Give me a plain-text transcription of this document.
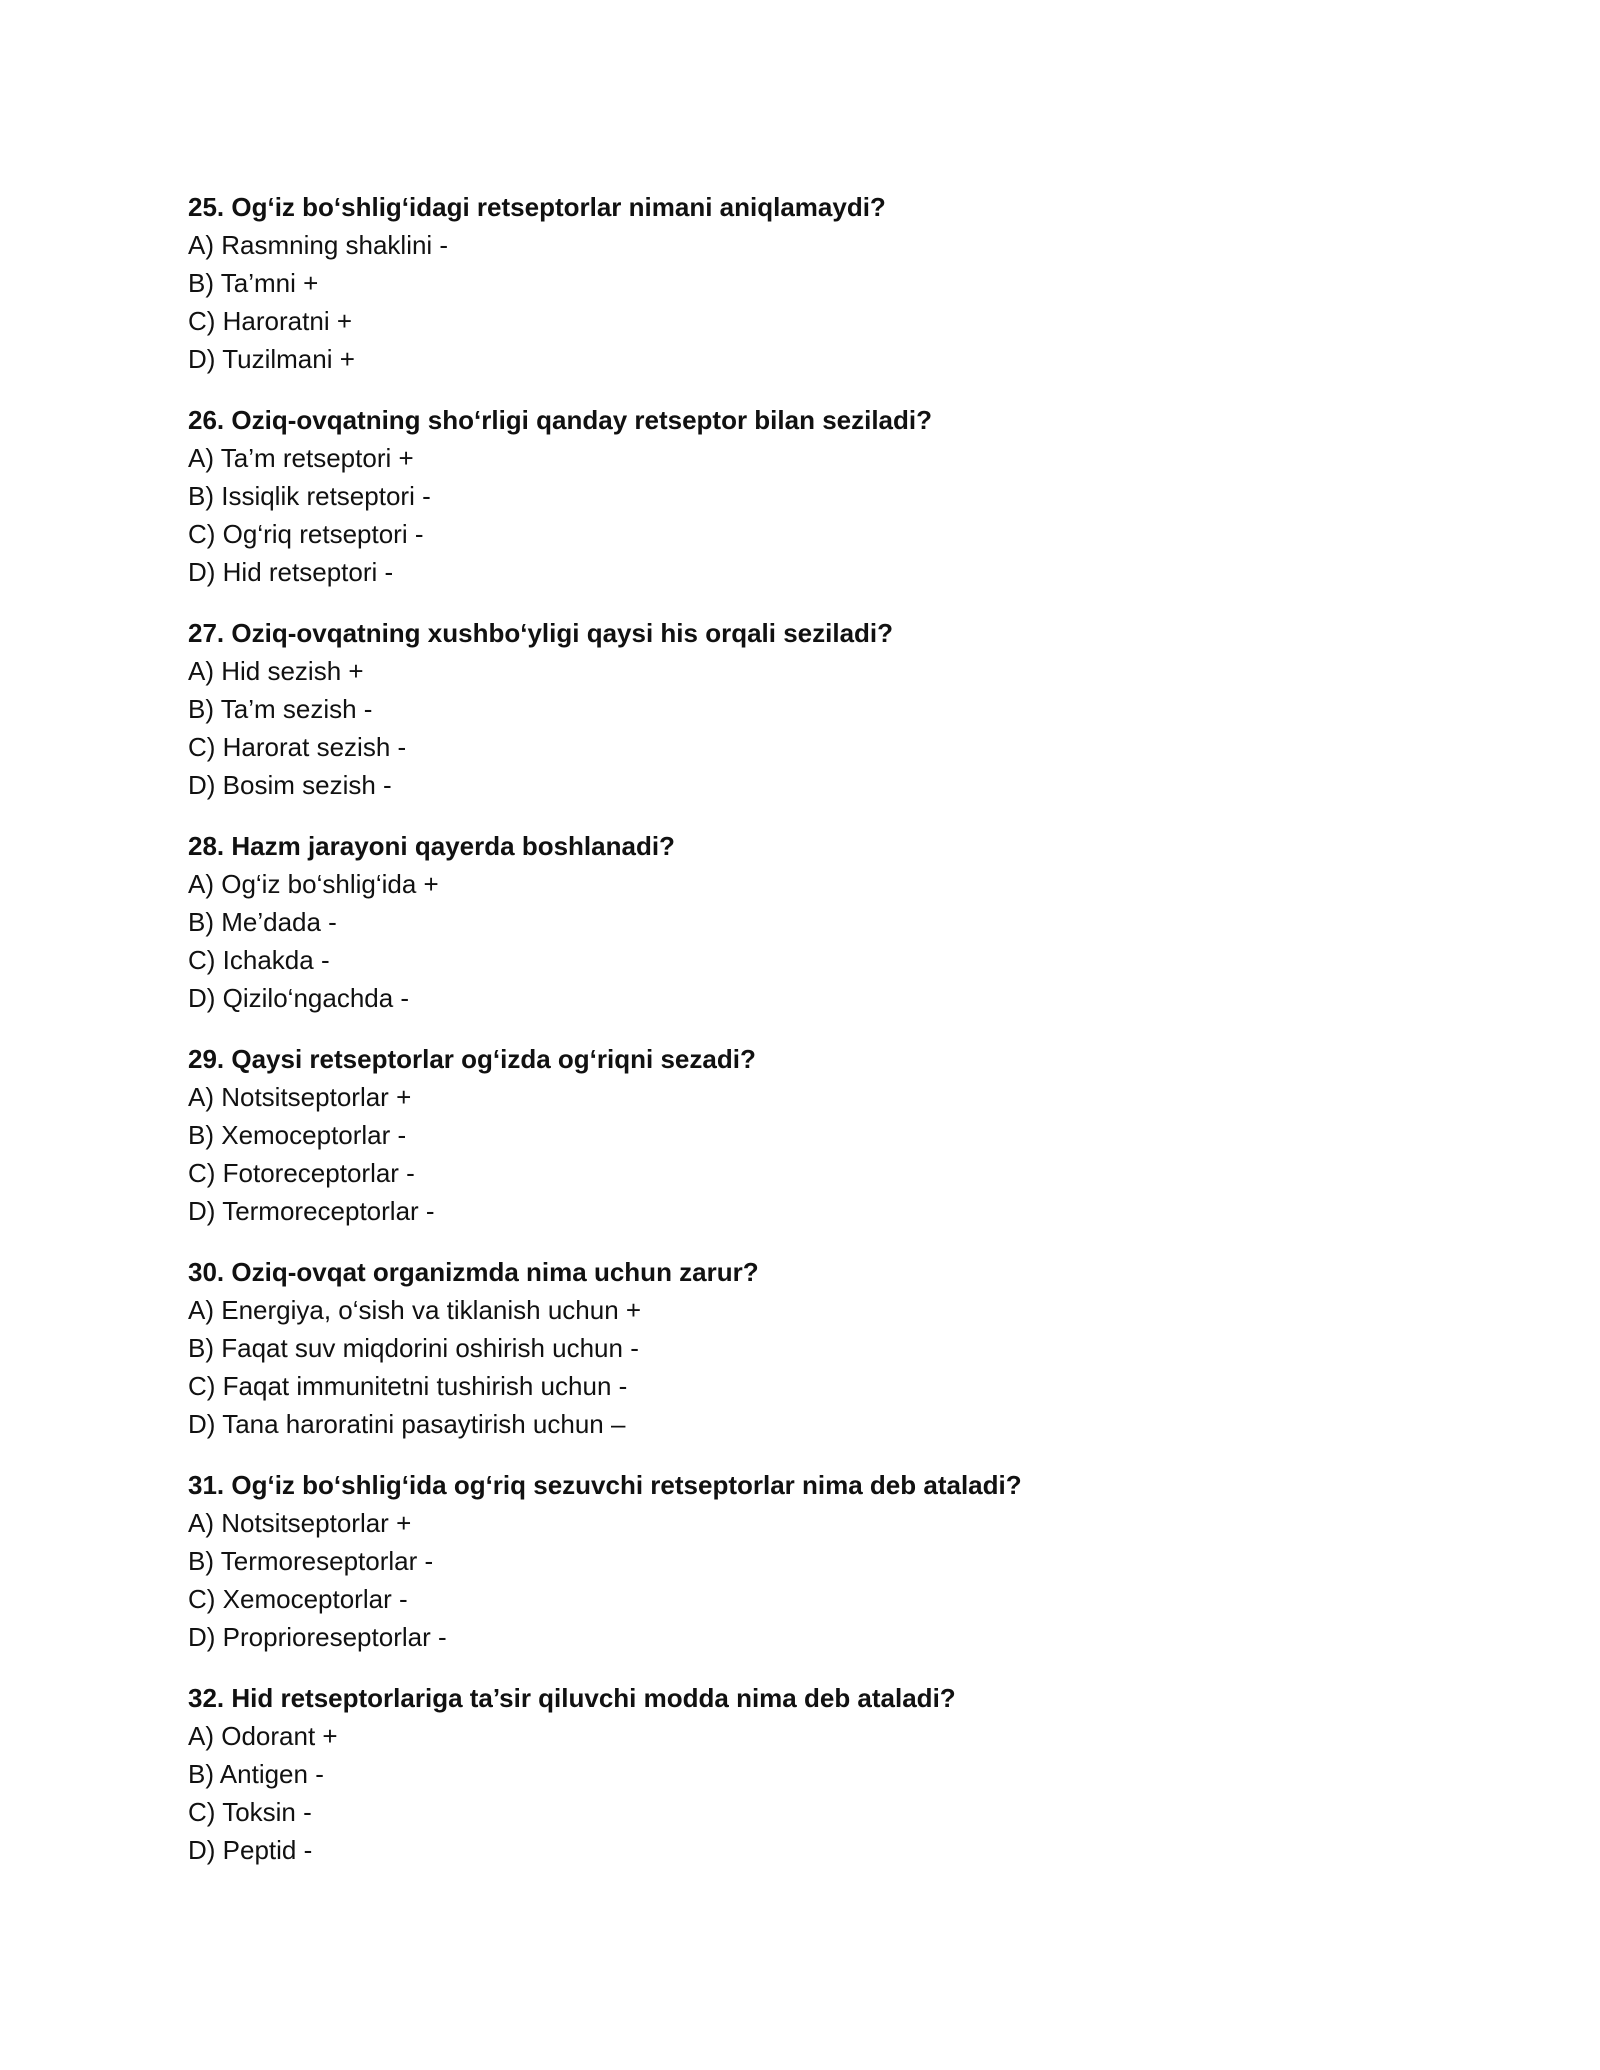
25. Og‘iz bo‘shlig‘idagi retseptorlar nimani aniqlamaydi?
A) Rasmning shaklini -
B) Ta’mni +
C) Haroratni +
D) Tuzilmani +
26. Oziq-ovqatning sho‘rligi qanday retseptor bilan seziladi?
A) Ta’m retseptori +
B) Issiqlik retseptori -
C) Og‘riq retseptori -
D) Hid retseptori -
27. Oziq-ovqatning xushbo‘yligi qaysi his orqali seziladi?
A) Hid sezish +
B) Ta’m sezish -
C) Harorat sezish -
D) Bosim sezish -
28. Hazm jarayoni qayerda boshlanadi?
A) Og‘iz bo‘shlig‘ida +
B) Me’dada -
C) Ichakda -
D) Qizilo‘ngachda -
29. Qaysi retseptorlar og‘izda og‘riqni sezadi?
A) Notsitseptorlar +
B) Xemoceptorlar -
C) Fotoreceptorlar -
D) Termoreceptorlar -
30. Oziq-ovqat organizmda nima uchun zarur?
A) Energiya, o‘sish va tiklanish uchun +
B) Faqat suv miqdorini oshirish uchun -
C) Faqat immunitetni tushirish uchun -
D) Tana haroratini pasaytirish uchun –
31. Og‘iz bo‘shlig‘ida og‘riq sezuvchi retseptorlar nima deb ataladi?
A) Notsitseptorlar +
B) Termoreseptorlar -
C) Xemoceptorlar -
D) Proprioreseptorlar -
32. Hid retseptorlariga ta’sir qiluvchi modda nima deb ataladi?
A) Odorant +
B) Antigen -
C) Toksin -
D) Peptid -
